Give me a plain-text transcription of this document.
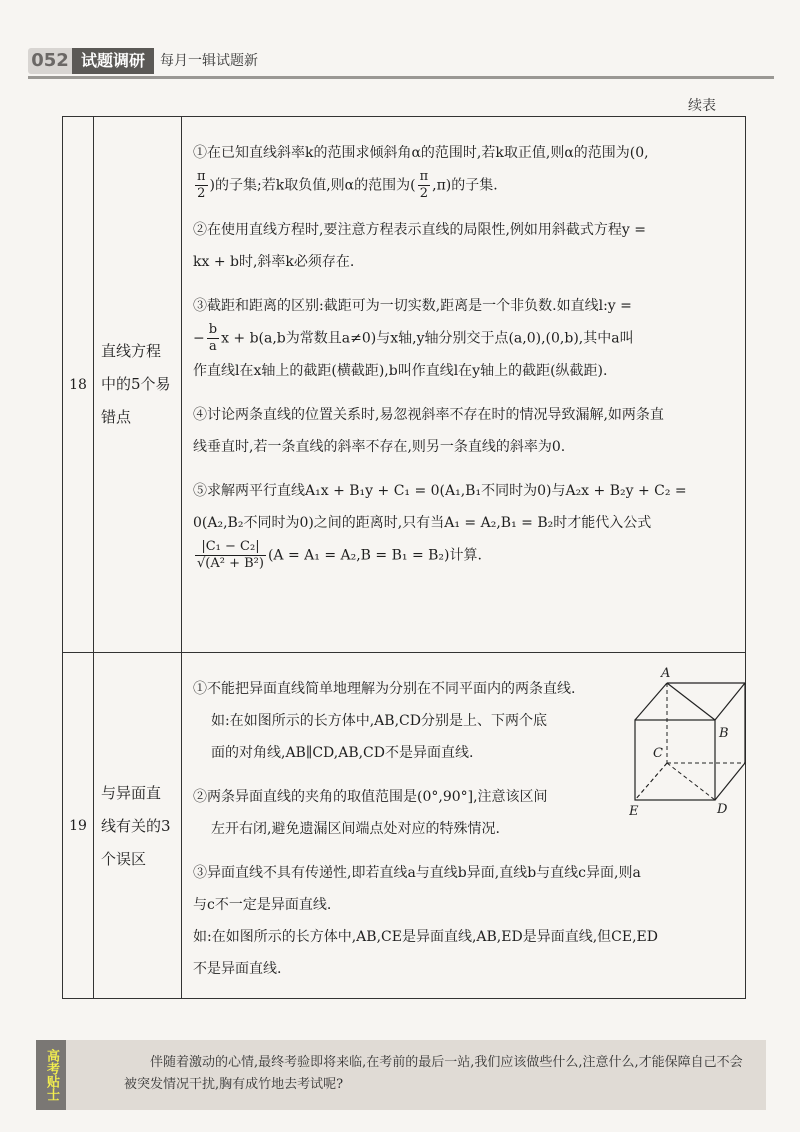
052 试题调研	每月一辑试题新
续表
18
直线方程中的5个易错点
①在已知直线斜率k的范围求倾斜角α的范围时,若k取正值,则α的范围为(0,
$\frac{\pi}{2}$ )的子集;若k取负值,则α的范围为( $\frac{\pi}{2} ,\pi$)的子集.
②在使用直线方程时,要注意方程表示直线的局限性,例如用斜截式方程y =
kx + b时,斜率k必须存在.
③截距和距离的区别:截距可为一切实数,距离是一个非负数.如直线l:y =
− $\frac{b}{a}$ x + b(a,b为常数且a≠0)与x轴,y轴分别交于点(a,0),(0,b),其中a叫
作直线l在x轴上的截距(横截距),b叫作直线l在y轴上的截距(纵截距).
④讨论两条直线的位置关系时,易忽视斜率不存在时的情况导致漏解,如两条直
线垂直时,若一条直线的斜率不存在,则另一条直线的斜率为0.
⑤求解两平行直线A₁x + B₁y + C₁ = 0(A₁,B₁不同时为0)与A₂x + B₂y + C₂ =
0(A₂,B₂不同时为0)之间的距离时,只有当A₁ = A₂,B₁ = B₂时才能代入公式
$\frac{\text{|C₁ − C₂|}}{\text{√(A² + B²)}} (A = A_1 = A_2,B = B_1 = B_2)$计算.
19
与异面直线有关的3个误区
A
B
C
D
E
①不能把异面直线简单地理解为分别在不同平面内的两条直线.
如:在如图所示的长方体中,AB,CD分别是上、下两个底
面的对角线,AB∥CD,AB,CD不是异面直线.
②两条异面直线的夹角的取值范围是(0°,90°],注意该区间
左开右闭,避免遗漏区间端点处对应的特殊情况.
③异面直线不具有传递性,即若直线a与直线b异面,直线b与直线c异面,则a
与c不一定是异面直线.
如:在如图所示的长方体中,AB,CE是异面直线,AB,ED是异面直线,但CE,ED
不是异面直线.
高考贴士	伴随着激动的心情,最终考验即将来临,在考前的最后一站,我们应该做些什么,注意什么,才能保障自己不会被突发情况干扰,胸有成竹地去考试呢?
